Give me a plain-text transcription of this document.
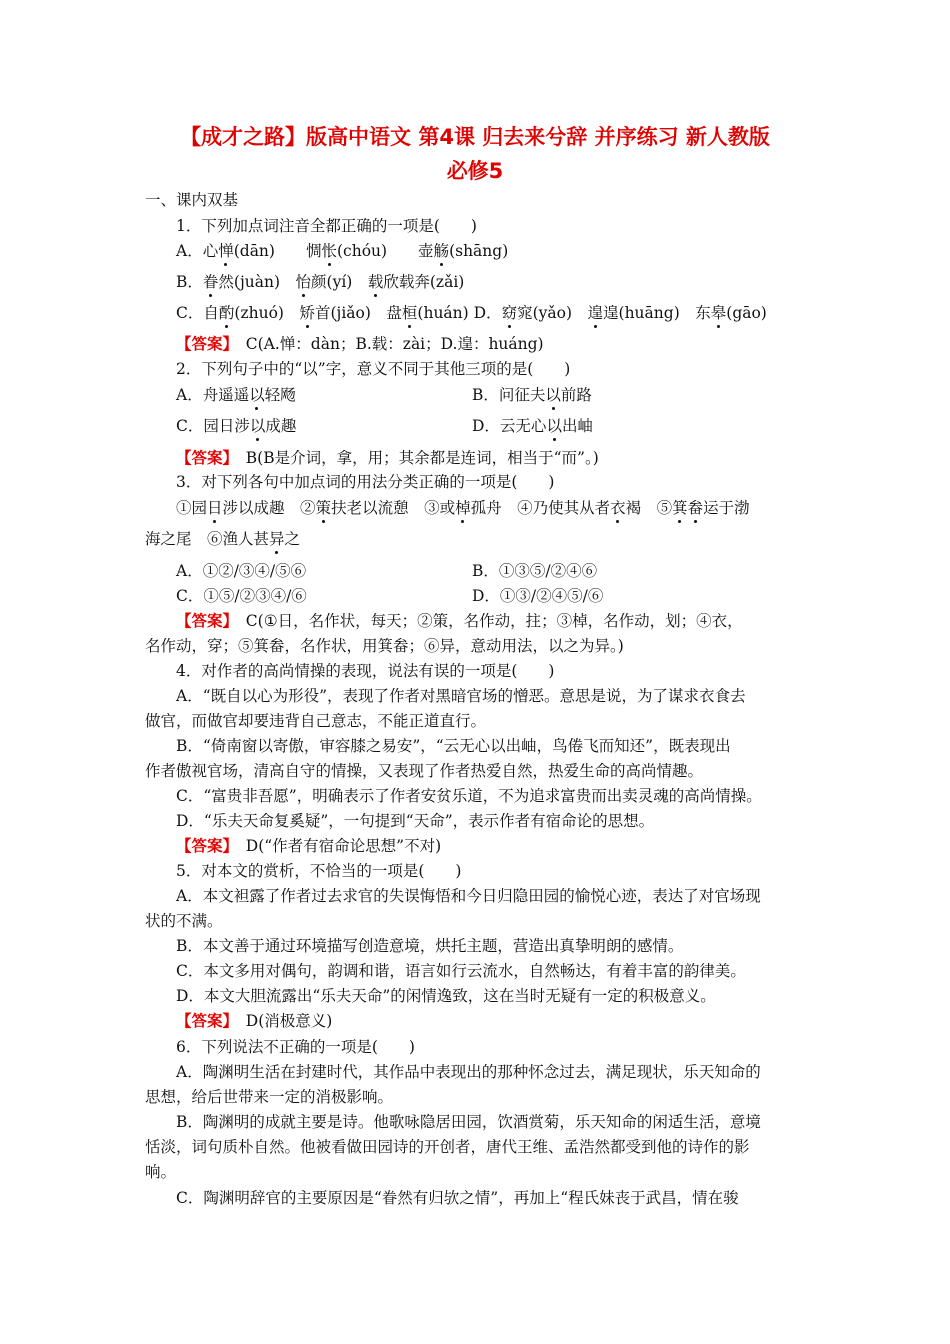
【成才之路】版高中语文 第4课 归去来兮辞 并序练习 新人教版
必修5
一、课内双基
1．下列加点词注音全都正确的一项是(　　)
A．心惮(dān)　　惆怅(chóu)　　壶觞(shāng)
B．眷然(juàn)　怡颜(yí)　载欣载奔(zǎi)
C．自酌(zhuó)　矫首(jiǎo)　盘桓(huán) D．窈窕(yǎo)　遑遑(huāng)　东皋(gāo)
【答案】　 C(A.惮：dàn；B.载：zài；D.遑：huáng)
2．下列句子中的“以”字，意义不同于其他三项的是(　　)
A．舟遥遥以轻飏	B．问征夫以前路
C．园日涉以成趣	D．云无心以出岫
【答案】　 B(B是介词，拿，用；其余都是连词，相当于“而”。)
3．对下列各句中加点词的用法分类正确的一项是(　　)
①园日涉以成趣　②策扶老以流憩　③或棹孤舟　④乃使其从者衣褐　⑤箕畚运于渤
海之尾　⑥渔人甚异之
A．①②/③④/⑤⑥	B．①③⑤/②④⑥
C．①⑤/②③④/⑥	D．①③/②④⑤/⑥
【答案】　 C(①日，名作状，每天；②策，名作动，拄；③棹，名作动，划；④衣，
名作动，穿；⑤箕畚，名作状，用箕畚；⑥异，意动用法，以之为异。)
4．对作者的高尚情操的表现，说法有误的一项是(　　)
A．“既自以心为形役”，表现了作者对黑暗官场的憎恶。意思是说，为了谋求衣食去
做官，而做官却要违背自己意志，不能正道直行。
B．“倚南窗以寄傲，审容膝之易安”，“云无心以出岫，鸟倦飞而知还”，既表现出
作者傲视官场，清高自守的情操，又表现了作者热爱自然，热爱生命的高尚情趣。
C．“富贵非吾愿”，明确表示了作者安贫乐道，不为追求富贵而出卖灵魂的高尚情操。
D．“乐夫天命复奚疑”，一句提到“天命”，表示作者有宿命论的思想。
【答案】　 D(“作者有宿命论思想”不对)
5．对本文的赏析，不恰当的一项是(　　)
A．本文袒露了作者过去求官的失误悔悟和今日归隐田园的愉悦心迹，表达了对官场现
状的不满。
B．本文善于通过环境描写创造意境，烘托主题，营造出真挚明朗的感情。
C．本文多用对偶句，韵调和谐，语言如行云流水，自然畅达，有着丰富的韵律美。
D．本文大胆流露出“乐夫天命”的闲情逸致，这在当时无疑有一定的积极意义。
【答案】　 D(消极意义)
6．下列说法不正确的一项是(　　)
A．陶渊明生活在封建时代，其作品中表现出的那种怀念过去，满足现状，乐天知命的
思想，给后世带来一定的消极影响。
B．陶渊明的成就主要是诗。他歌咏隐居田园，饮酒赏菊，乐天知命的闲适生活，意境
恬淡，词句质朴自然。他被看做田园诗的开创者，唐代王维、孟浩然都受到他的诗作的影
响。
C．陶渊明辞官的主要原因是“眷然有归欤之情”，再加上“程氏妹丧于武昌，情在骏
